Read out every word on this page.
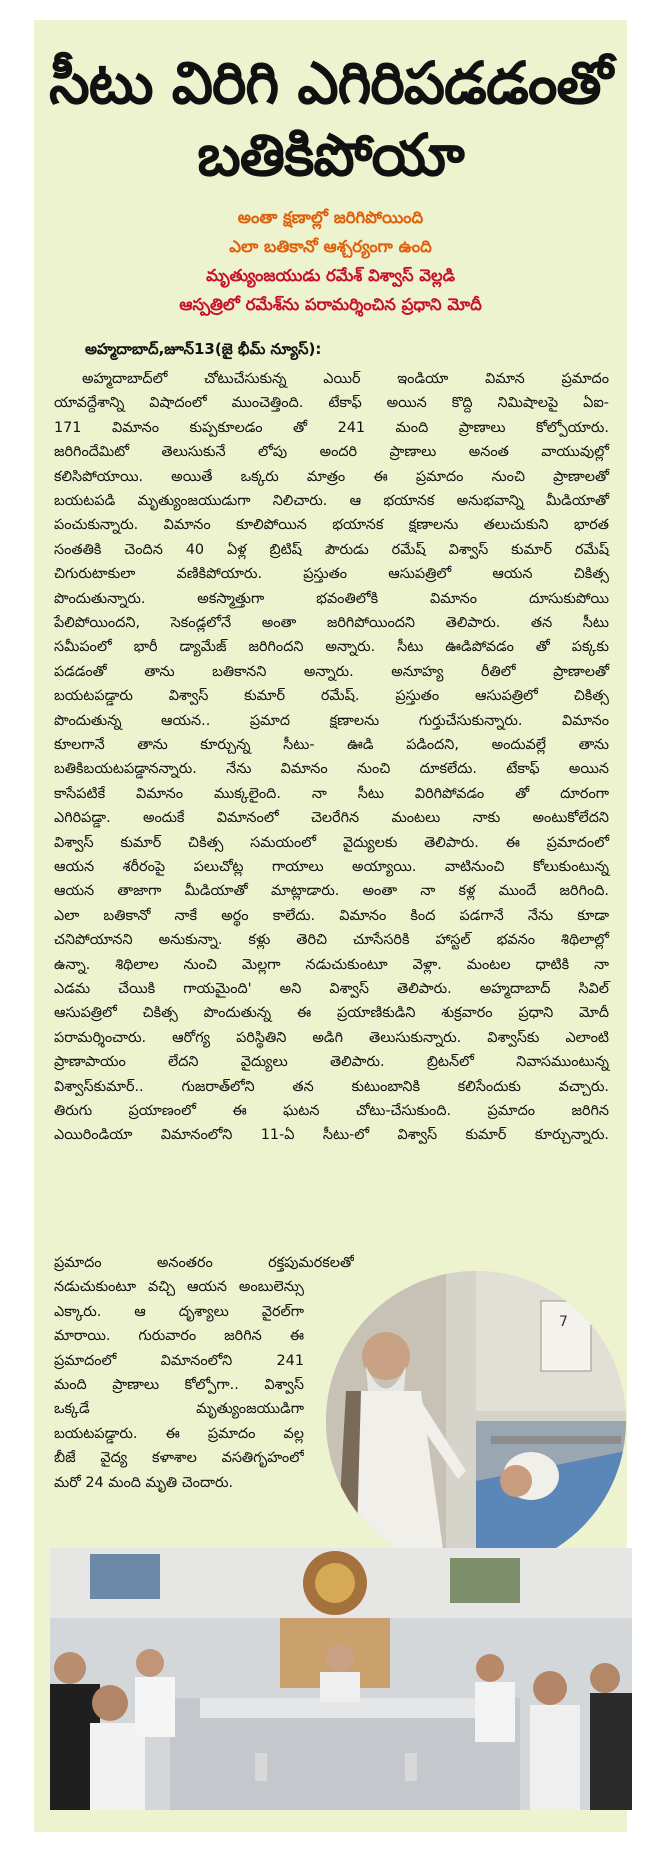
సీటు విరిగి ఎగిరిపడడంతో
బతికిపోయా
అంతా క్షణాల్లో జరిగిపోయింది
ఎలా బతికానో ఆశ్చర్యంగా ఉంది
మృత్యుంజయుడు రమేశ్ విశ్వాస్ వెల్లడి
ఆస్పత్రిలో రమేశ్‌ను పరామర్శించిన ప్రధాని మోదీ
అహ్మదాబాద్,జూన్13(జై భీమ్ న్యూస్):
అహ్మదాబాద్‌లో చోటుచేసుకున్న ఎయిర్ ఇండియా విమాన ప్రమాదం
యావద్దేశాన్ని విషాదంలో ముంచెత్తింది. టేకాఫ్ అయిన కొద్ది నిమిషాలపై ఏఐ-
171 విమానం కుప్పకూలడం తో 241 మంది ప్రాణాలు కోల్పోయారు.
జరిగిందేమిటో తెలుసుకునే లోపు అందరి ప్రాణాలు అనంత వాయువుల్లో
కలిసిపోయాయి. అయితే ఒక్కరు మాత్రం ఈ ప్రమాదం నుంచి ప్రాణాలతో
బయటపడి మృత్యుంజయుడుగా నిలిచారు. ఆ భయానక అనుభవాన్ని మీడియాతో
పంచుకున్నారు. విమానం కూలిపోయిన భయానక క్షణాలను తలుచుకుని భారత
సంతతికి చెందిన 40 ఏళ్ల బ్రిటిష్ పౌరుడు రమేష్ విశ్వాస్ కుమార్ రమేష్
చిగురుటాకులా వణికిపోయారు. ప్రస్తుతం ఆసుపత్రిలో ఆయన చికిత్స
పొందుతున్నారు. అకస్మాత్తుగా భవంతిలోకి విమానం దూసుకుపోయి
పేలిపోయిందని, సెకండ్లలోనే అంతా జరిగిపోయిందని తెలిపారు. తన సీటు
సమీపంలో భారీ డ్యామేజ్ జరిగిందని అన్నారు. సీటు ఊడిపోవడం తో పక్కకు
పడడంతో తాను బతికానని అన్నారు. అనూహ్య రీతిలో ప్రాణాలతో
బయటపడ్డారు విశ్వాస్ కుమార్ రమేష్. ప్రస్తుతం ఆసుపత్రిలో చికిత్స
పొందుతున్న ఆయన.. ప్రమాద క్షణాలను గుర్తుచేసుకున్నారు. విమానం
కూలగానే తాను కూర్చున్న సీటు- ఊడి పడిందని, అందువల్లే తాను
బతికిబయటపడ్డానన్నారు. నేను విమానం నుంచి దూకలేదు. టేకాఫ్ అయిన
కాసేపటికే విమానం ముక్కలైంది. నా సీటు విరిగిపోవడం తో దూరంగా
ఎగిరిపడ్డా. అందుకే విమానంలో చెలరేగిన మంటలు నాకు అంటుకోలేదని
విశ్వాస్ కుమార్ చికిత్స సమయంలో వైద్యులకు తెలిపారు. ఈ ప్రమాదంలో
ఆయన శరీరంపై పలుచోట్ల గాయాలు అయ్యాయి. వాటినుంచి కోలుకుంటున్న
ఆయన తాజాగా మీడియాతో మాట్లాడారు. అంతా నా కళ్ల ముందే జరిగింది.
ఎలా బతికానో నాకే అర్థం కాలేదు. విమానం కింద పడగానే నేను కూడా
చనిపోయానని అనుకున్నా. కళ్లు తెరిచి చూసేసరికి హాస్టల్ భవనం శిథిలాల్లో
ఉన్నా. శిథిలాల నుంచి మెల్లగా నడుచుకుంటూ వెళ్లా. మంటల ధాటికి నా
ఎడమ చేయికి గాయమైంది' అని విశ్వాస్ తెలిపారు. అహ్మదాబాద్ సివిల్
ఆసుపత్రిలో చికిత్స పొందుతున్న ఈ ప్రయాణికుడిని శుక్రవారం ప్రధాని మోదీ
పరామర్శించారు. ఆరోగ్య పరిస్థితిని అడిగి తెలుసుకున్నారు. విశ్వాస్‌కు ఎలాంటి
ప్రాణాపాయం లేదని వైద్యులు తెలిపారు. బ్రిటన్‌లో నివాసముంటున్న
విశ్వాస్‌కుమార్.. గుజరాత్‌లోని తన కుటుంబానికి కలిసేందుకు వచ్చారు.
తిరుగు ప్రయాణంలో ఈ ఘటన చోటు-చేసుకుంది. ప్రమాదం జరిగిన
ఎయిరిండియా విమానంలోని 11-ఏ సీటు-లో విశ్వాస్ కుమార్ కూర్చున్నారు.
ప్రమాదం అనంతరం రక్తపుమరకలతో
నడుచుకుంటూ వచ్చి ఆయన అంబులెన్సు
ఎక్కారు. ఆ దృశ్యాలు వైరల్‌గా
మారాయి. గురువారం జరిగిన ఈ
ప్రమాదంలో విమానంలోని 241
మంది ప్రాణాలు కోల్పోగా.. విశ్వాస్
ఒక్కడే మృత్యుంజయుడిగా
బయటపడ్డారు. ఈ ప్రమాదం వల్ల
బీజే వైద్య కళాశాల వసతిగృహంలో
మరో 24 మంది మృతి చెందారు.
7
